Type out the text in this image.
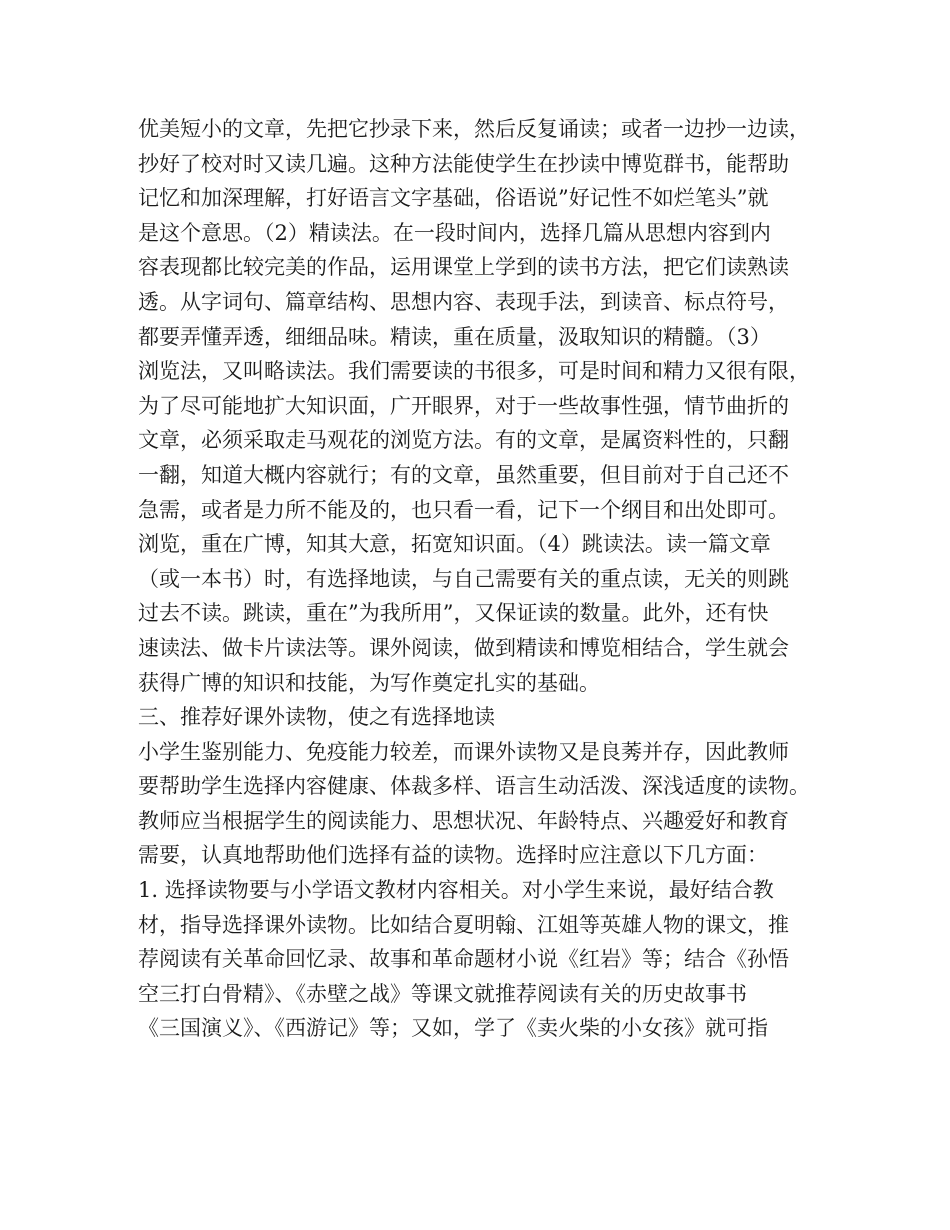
优美短小的文章，先把它抄录下来，然后反复诵读；或者一边抄一边读，
抄好了校对时又读几遍。这种方法能使学生在抄读中博览群书，能帮助
记忆和加深理解，打好语言文字基础，俗语说”好记性不如烂笔头”就
是这个意思。（2）精读法。在一段时间内，选择几篇从思想内容到内
容表现都比较完美的作品，运用课堂上学到的读书方法，把它们读熟读
透。从字词句、篇章结构、思想内容、表现手法，到读音、标点符号，
都要弄懂弄透，细细品味。精读，重在质量，汲取知识的精髓。（3）
浏览法，又叫略读法。我们需要读的书很多，可是时间和精力又很有限，
为了尽可能地扩大知识面，广开眼界，对于一些故事性强，情节曲折的
文章，必须采取走马观花的浏览方法。有的文章，是属资料性的，只翻
一翻，知道大概内容就行；有的文章，虽然重要，但目前对于自己还不
急需，或者是力所不能及的，也只看一看，记下一个纲目和出处即可。
浏览，重在广博，知其大意，拓宽知识面。（4）跳读法。读一篇文章
（或一本书）时，有选择地读，与自己需要有关的重点读，无关的则跳
过去不读。跳读，重在”为我所用”，又保证读的数量。此外，还有快
速读法、做卡片读法等。课外阅读，做到精读和博览相结合，学生就会
获得广博的知识和技能，为写作奠定扎实的基础。
三、推荐好课外读物，使之有选择地读
小学生鉴别能力、免疫能力较差，而课外读物又是良莠并存，因此教师
要帮助学生选择内容健康、体裁多样、语言生动活泼、深浅适度的读物。
教师应当根据学生的阅读能力、思想状况、年龄特点、兴趣爱好和教育
需要，认真地帮助他们选择有益的读物。选择时应注意以下几方面：
1. 选择读物要与小学语文教材内容相关。对小学生来说，最好结合教
材，指导选择课外读物。比如结合夏明翰、江姐等英雄人物的课文，推
荐阅读有关革命回忆录、故事和革命题材小说《红岩》等；结合《孙悟
空三打白骨精》、《赤壁之战》等课文就推荐阅读有关的历史故事书
《三国演义》、《西游记》等；又如，学了《卖火柴的小女孩》就可指
